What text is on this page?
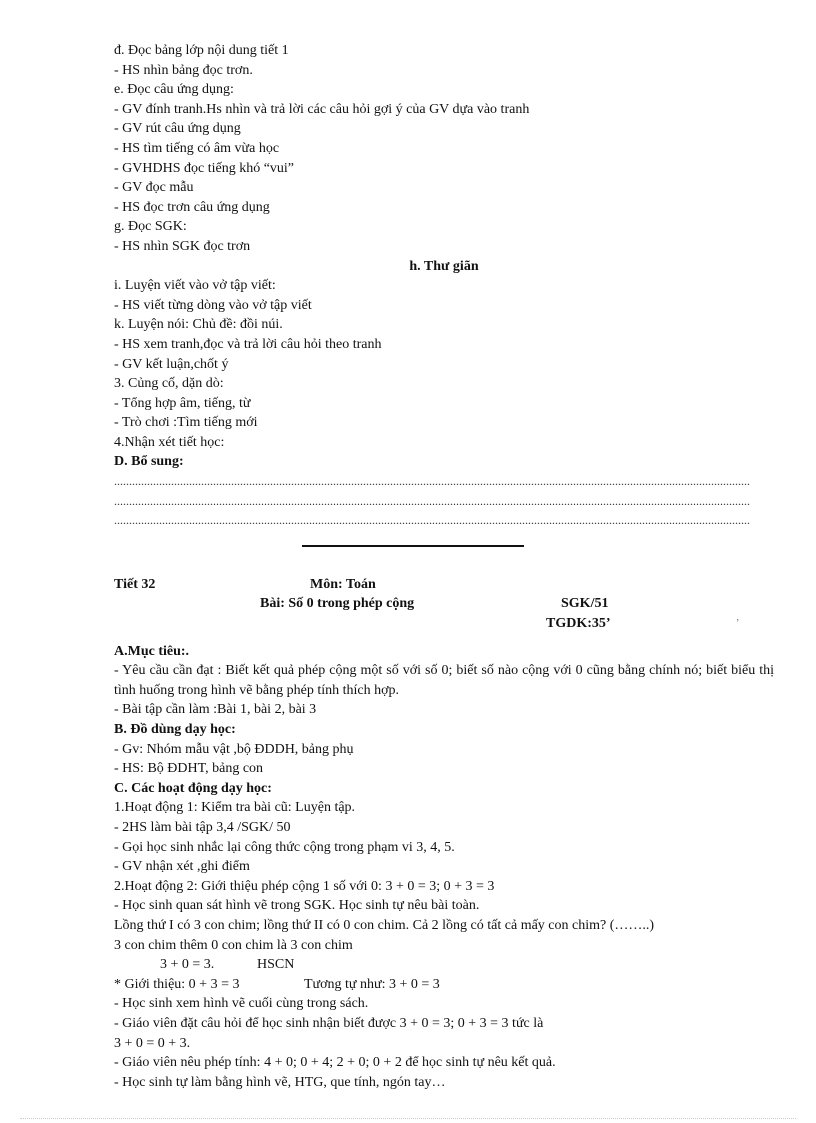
đ. Đọc bảng lớp nội dung tiết 1
- HS nhìn bảng đọc trơn.
e. Đọc câu ứng dụng:
- GV đính tranh.Hs nhìn và trả lời các câu hỏi gợi ý của GV dựa vào tranh
- GV rút câu ứng dụng
- HS tìm tiếng có âm vừa học
- GVHDHS đọc tiếng khó “vui”
- GV đọc mẫu
- HS đọc trơn câu ứng dụng
g. Đọc SGK:
- HS nhìn SGK đọc trơn
h. Thư giãn
i. Luyện viết vào vở tập viết:
- HS viết từng dòng vào vở tập viết
k. Luyện nói: Chủ đề: đồi núi.
- HS xem tranh,đọc và trả lời câu hỏi theo tranh
- GV kết luận,chốt ý
3. Củng cố, dặn dò:
- Tổng hợp âm, tiếng, từ
- Trò chơi :Tìm tiếng mới
4.Nhận xét tiết học:
D. Bổ sung:
....................................................................................................................................................................................................................
....................................................................................................................................................................................................................
....................................................................................................................................................................................................................
Tiết 32	Môn: Toán
Bài: Số 0 trong phép cộng	SGK/51
TGDK:35’	’
A.Mục tiêu:.
- Yêu cầu cần đạt : Biết kết quả phép cộng một số với số 0; biết số nào cộng với 0 cũng bằng chính nó; biết biểu thị tình huống trong hình vẽ bằng phép tính thích hợp.
- Bài tập cần làm :Bài 1, bài 2, bài 3
B. Đồ dùng dạy học:
- Gv: Nhóm mẫu vật ,bộ ĐDDH, bảng phụ
- HS: Bộ ĐDHT, bảng con
C. Các hoạt động dạy học:
1.Hoạt động 1: Kiểm tra bài cũ: Luyện tập.
- 2HS làm bài tập 3,4 /SGK/ 50
- Gọi học sinh nhắc lại công thức cộng trong phạm vi 3, 4, 5.
- GV nhận xét ,ghi điểm
2.Hoạt động 2: Giới thiệu phép cộng 1 số với 0: 3 + 0 = 3; 0 + 3 = 3
- Học sinh quan sát hình vẽ trong SGK. Học sinh tự nêu bài toàn.
Lồng thứ I có 3 con chim; lồng thứ II có 0 con chim. Cả 2 lồng có tất cả mấy con chim? (……..)
3 con chim thêm 0 con chim là 3 con chim
3 + 0 = 3.	HSCN
* Giới thiệu: 0 + 3 = 3	Tương tự như: 3 + 0 = 3
- Học sinh xem hình vẽ cuối cùng trong sách.
- Giáo viên đặt câu hỏi để học sinh nhận biết được 3 + 0 = 3; 0 + 3 = 3 tức là
3 + 0 = 0 + 3.
- Giáo viên nêu phép tính: 4 + 0; 0 + 4; 2 + 0; 0 + 2 để học sinh tự nêu kết quả.
- Học sinh tự làm bằng hình vẽ, HTG, que tính, ngón tay…
